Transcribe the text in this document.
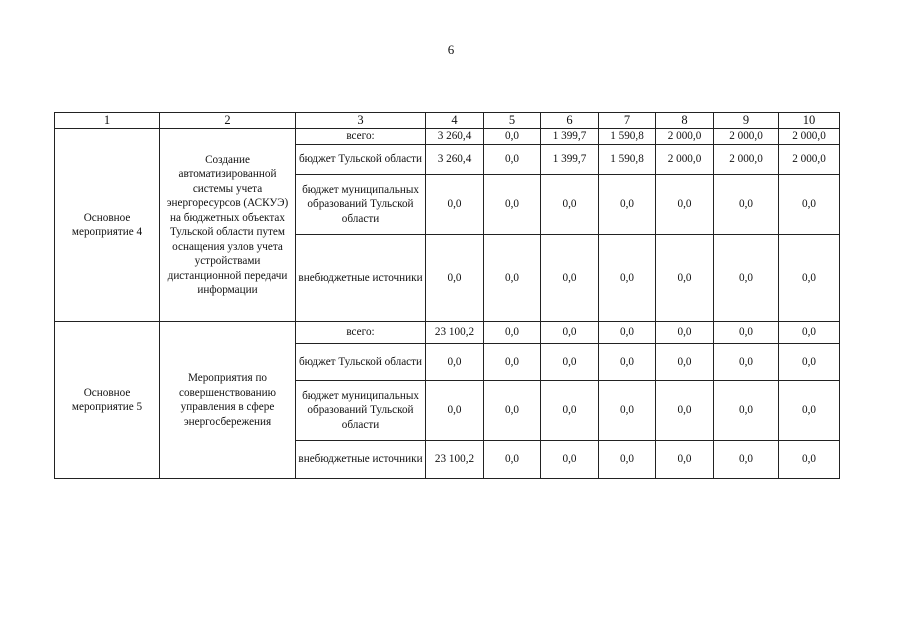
6
1	2	3	4	5	6	7	8	9	10
Основное мероприятие 4	Создание автоматизированной системы учета энергоресурсов (АСКУЭ) на бюджетных объектах Тульской области путем оснащения узлов учета устройствами дистанционной передачи информации	всего:	3 260,4	0,0	1 399,7	1 590,8	2 000,0	2 000,0	2 000,0
		бюджет Тульской области	3 260,4	0,0	1 399,7	1 590,8	2 000,0	2 000,0	2 000,0
		бюджет муниципальных образований Тульской области	0,0	0,0	0,0	0,0	0,0	0,0	0,0
		внебюджетные источники	0,0	0,0	0,0	0,0	0,0	0,0	0,0
Основное мероприятие 5	Мероприятия по совершенствованию управления в сфере энергосбережения	всего:	23 100,2	0,0	0,0	0,0	0,0	0,0	0,0
		бюджет Тульской области	0,0	0,0	0,0	0,0	0,0	0,0	0,0
		бюджет муниципальных образований Тульской области	0,0	0,0	0,0	0,0	0,0	0,0	0,0
		внебюджетные источники	23 100,2	0,0	0,0	0,0	0,0	0,0	0,0
